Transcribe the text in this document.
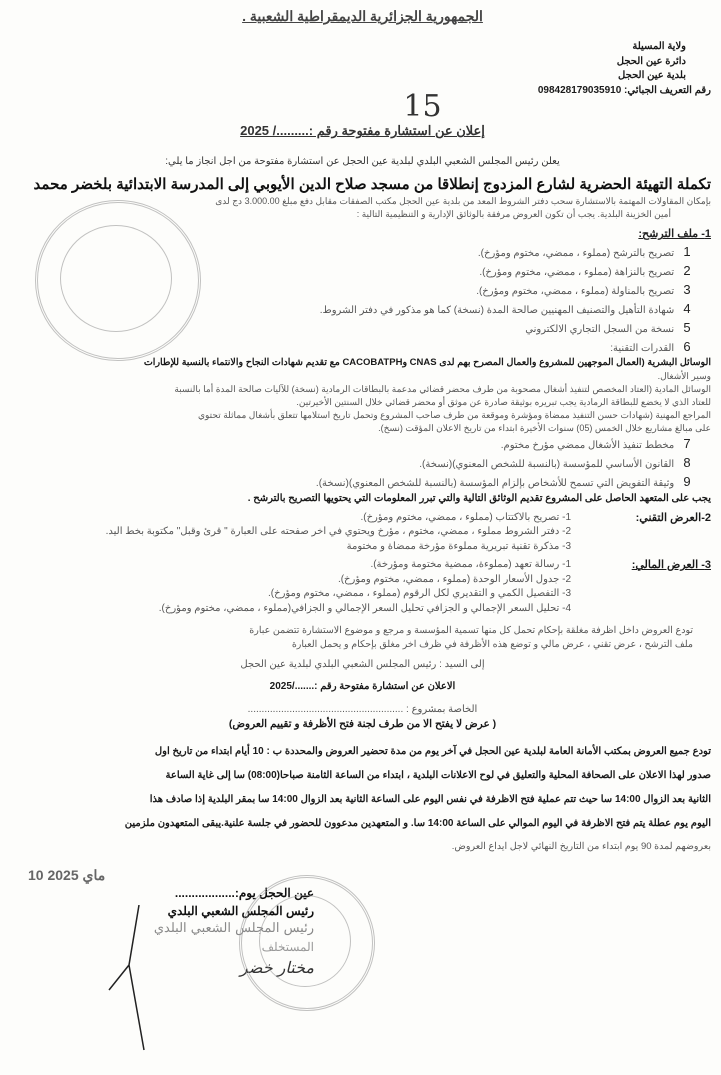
الجمهورية الجزائرية الديمقراطية الشعبية .
ولاية المسيلة
دائرة عين الحجل
بلدية عين الحجل
رقم التعريف الجبائي: 098428179035910
15
إعلان عن استشارة مفتوحة رقم :........./ 2025
يعلن رئيس المجلس الشعبي البلدي لبلدية عين الحجل عن استشارة مفتوحة من اجل انجاز ما يلي:
تكملة التهيئة الحضرية لشارع المزدوج إنطلاقا من مسجد صلاح الدين الأيوبي إلى المدرسة الابتدائية بلخضر محمد
بإمكان المقاولات المهتمة بالاستشارة سحب دفتر الشروط المعد من بلدية عين الحجل مكتب الصفقات مقابل دفع مبلغ 3.000.00 دج لدى
أمين الخزينة البلدية. يجب أن تكون العروض مرفقة بالوثائق الإدارية و التنظيمية التالية :
1- ملف الترشح:
1 تصريح بالترشح (مملوء ، ممضي، مختوم ومؤرخ).
2 تصريح بالنزاهة (مملوء ، ممضي، مختوم ومؤرخ).
3 تصريح بالمناولة (مملوء ، ممضي، مختوم ومؤرخ).
4 شهادة التأهيل والتصنيف المهنيين صالحة المدة (نسخة) كما هو مذكور في دفتر الشروط.
5 نسخة من السجل التجاري الالكتروني
6 القدرات التقنية:
الوسائل البشرية (العمال الموجهين للمشروع والعمال المصرح بهم لدى CNAS وCACOBATPH مع تقديم شهادات النجاح والانتماء بالنسبة للإطارات
وسير الأشغال.
الوسائل المادية (العتاد المخصص لتنفيذ أشغال مصحوبة من طرف محضر قضائي مدعمة بالبطاقات الرمادية (نسخة) للآليات صالحة المدة أما بالنسبة
للعتاد الذي لا يخضع للبطاقة الرمادية يجب تبريره بوثيقة صادرة عن موثق أو محضر قضائي خلال السنتين الأخيرتين.
المراجع المهنية (شهادات حسن التنفيذ ممضاة ومؤشرة وموقعة من طرف صاحب المشروع وتحمل تاريخ استلامها تتعلق بأشغال مماثلة تحتوي
على مبالغ مشاريع خلال الخمس (05) سنوات الأخيرة ابتداء من تاريخ الاعلان المؤقت (نسخ).
7 مخطط تنفيذ الأشغال ممضي مؤرخ مختوم.
8 القانون الأساسي للمؤسسة (بالنسبة للشخص المعنوي)(نسخة).
9 وثيقة التفويض التي تسمح للأشخاص بإلزام المؤسسة (بالنسبة للشخص المعنوي)(نسخة).
يجب على المتعهد الحاصل على المشروع تقديم الوثائق التالية والتي تبرر المعلومات التي يحتويها التصريح بالترشح .
2-العرض التقني:
1- تصريح بالاكتتاب (مملوء ، ممضي، مختوم ومؤرخ).
2- دفتر الشروط مملوء ، ممضي، مختوم ، مؤرخ ويحتوي في اخر صفحته على العبارة " قرئ وقبل" مكتوبة بخط اليد.
3- مذكرة تقنية تبريرية مملوءة مؤرخة ممضاة و مختومة
3- العرض المالي:
1- رسالة تعهد (مملوءة، ممضية مختومة ومؤرخة).
2- جدول الأسعار الوحدة (مملوء ، ممضي، مختوم ومؤرخ).
3- التفصيل الكمي و التقديري لكل الرقوم (مملوء ، ممضي، مختوم ومؤرخ).
4- تحليل السعر الإجمالي و الجزافي تحليل السعر الإجمالي و الجزافي(مملوء ، ممضي، مختوم ومؤرخ).
تودع العروض داخل اظرفة مغلقة بإحكام تحمل كل منها تسمية المؤسسة و مرجع و موضوع الاستشارة تتضمن عبارة
ملف الترشح ، عرض تقني ، عرض مالي و توضع هذه الأظرفة في ظرف اخر مغلق بإحكام و يحمل العبارة
إلى السيد : رئيس المجلس الشعبي البلدي لبلدية عين الحجل
الاعلان عن استشارة مفتوحة رقم :......./2025
الخاصة بمشروع : ........................................................
( عرض لا يفتح الا من طرف لجنة فتح الأظرفة و تقييم العروض)
تودع جميع العروض بمكتب الأمانة العامة لبلدية عين الحجل في آخر يوم من مدة تحضير العروض والمحددة ب : 10 أيام ابتداء من تاريخ اول
صدور لهذا الاعلان على الصحافة المحلية والتعليق في لوح الاعلانات البلدية ، ابتداء من الساعة الثامنة صباحا(08:00) سا إلى غاية الساعة
الثانية بعد الزوال 14:00 سا حيث تتم عملية فتح الاظرفة في نفس اليوم على الساعة الثانية بعد الزوال 14:00 سا بمقر البلدية إذا صادف هذا
اليوم يوم عطلة يتم فتح الاظرفة في اليوم الموالي على الساعة 14:00 سا. و المتعهدين مدعوون للحضور في جلسة علنية.يبقى المتعهدون ملزمين
بعروضهم لمدة 90 يوم ابتداء من التاريخ النهائي لاجل ايداع العروض.
10 ماي 2025
عين الحجل يوم:..................
رئيس المجلس الشعبي البلدي
رئيس المجلس الشعبي البلدي
المستخلف
مختار خضر
